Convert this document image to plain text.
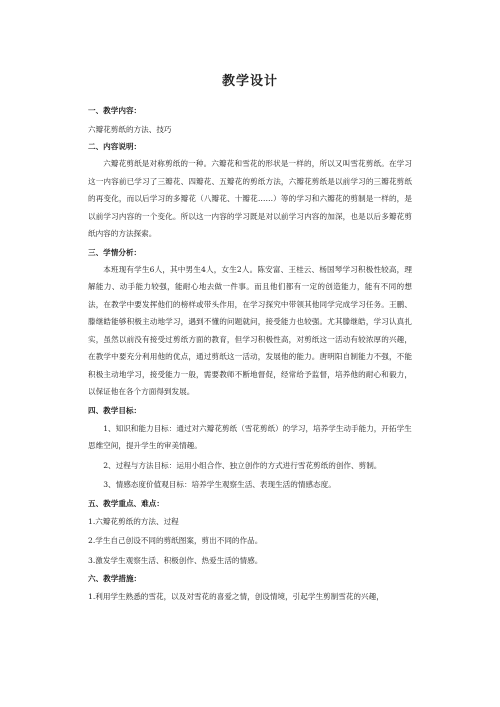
教学设计

一、教学内容：

六瓣花剪纸的方法、技巧

二、内容说明：

六瓣花剪纸是对称剪纸的一种。六瓣花和雪花的形状是一样的，所以又叫雪花剪纸。在学习这一内容前已学习了三瓣花、四瓣花、五瓣花的剪纸方法，六瓣花剪纸是以前学习的三瓣花剪纸的再变化，而以后学习的多瓣花（八瓣花、十瓣花……）等的学习和六瓣花的剪制是一样的，是以前学习内容的一个变化。所以这一内容的学习既是对以前学习内容的加深，也是以后多瓣花剪纸内容的方法探索。

三、学情分析：

本班现有学生6人，其中男生4人，女生2人。陈安富、王桂云、杨国琴学习积极性较高，理解能力、动手能力较强，能耐心地去做一件事。而且他们都有一定的创造能力，能有不同的想法，在教学中要发挥他们的榜样或带头作用，在学习探究中带领其他同学完成学习任务。王鹏、滕继皓能够积极主动地学习，遇到不懂的问题就问，接受能力也较强。尤其滕继皓，学习认真扎实，虽然以前没有接受过剪纸方面的教育，但学习积极性高，对剪纸这一活动有较浓厚的兴趣，在教学中要充分利用他的优点，通过剪纸这一活动，发展他的能力。唐明阳自制能力不强，不能积极主动地学习，接受能力一般，需要教师不断地督促，经常给予监督，培养他的耐心和毅力，以保证他在各个方面得到发展。

四、教学目标：

1、知识和能力目标：通过对六瓣花剪纸（雪花剪纸）的学习，培养学生动手能力，开拓学生思维空间，提升学生的审美情趣。

2、过程与方法目标：运用小组合作、独立创作的方式进行雪花剪纸的创作、剪制。

3、情感态度价值观目标：培养学生观察生活、表现生活的情感态度。

五、教学重点、难点：

1.六瓣花剪纸的方法、过程

2.学生自己创设不同的剪纸图案，剪出不同的作品。

3.激发学生观察生活、积极创作、热爱生活的情感。

六、教学措施：

1.利用学生熟悉的雪花，以及对雪花的喜爱之情，创设情境，引起学生剪制雪花的兴趣，
